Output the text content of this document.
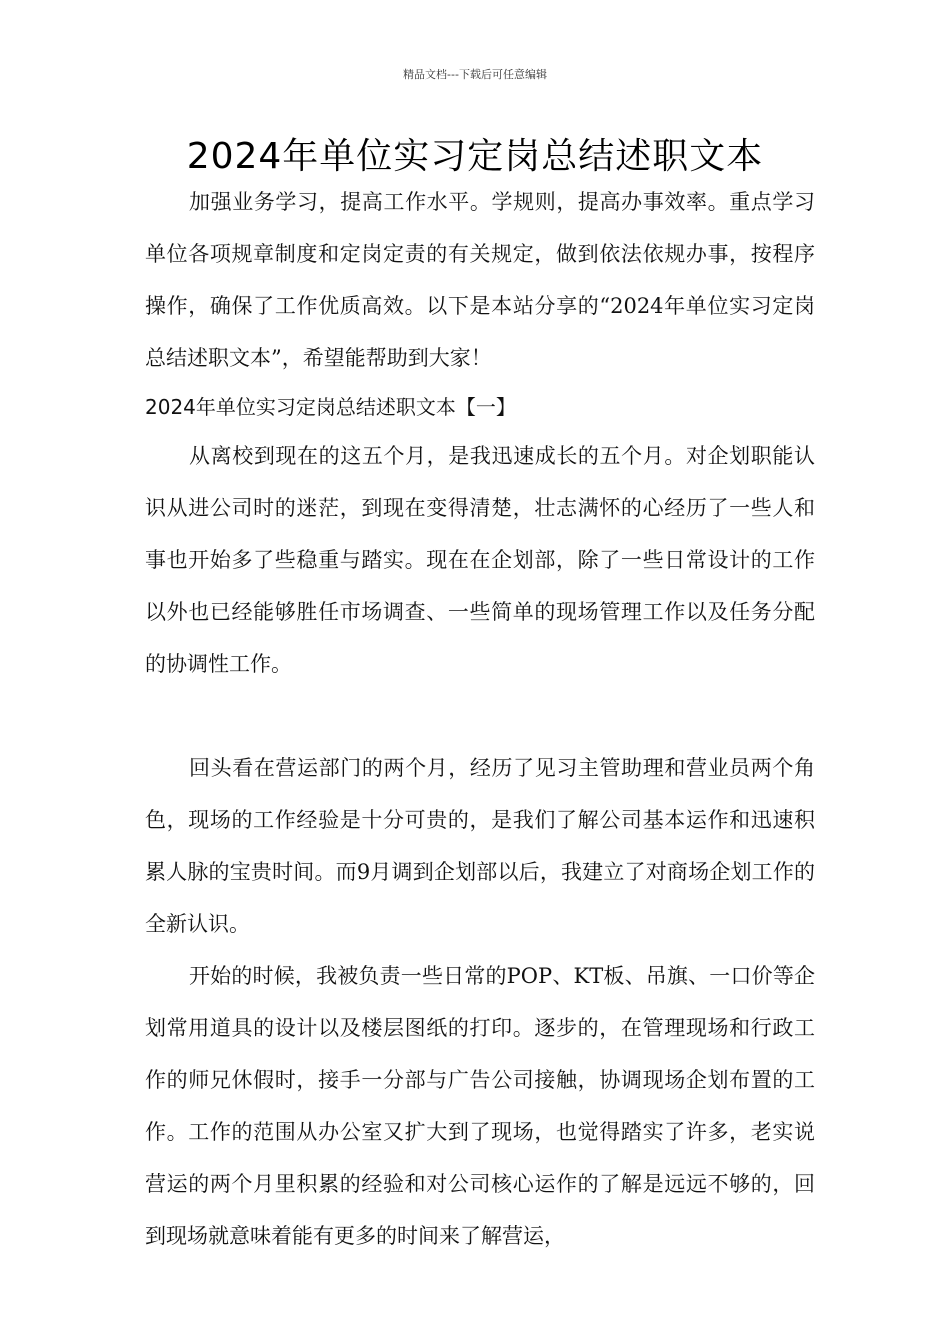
精品文档---下载后可任意编辑
2024年单位实习定岗总结述职文本

加强业务学习，提高工作水平。学规则，提高办事效率。重点学习单位各项规章制度和定岗定责的有关规定，做到依法依规办事，按程序操作，确保了工作优质高效。以下是本站分享的“2024年单位实习定岗总结述职文本”，希望能帮助到大家！

2024年单位实习定岗总结述职文本【一】

从离校到现在的这五个月，是我迅速成长的五个月。对企划职能认识从进公司时的迷茫，到现在变得清楚，壮志满怀的心经历了一些人和事也开始多了些稳重与踏实。现在在企划部，除了一些日常设计的工作以外也已经能够胜任市场调查、一些简单的现场管理工作以及任务分配的协调性工作。

回头看在营运部门的两个月，经历了见习主管助理和营业员两个角色，现场的工作经验是十分可贵的，是我们了解公司基本运作和迅速积累人脉的宝贵时间。而9月调到企划部以后，我建立了对商场企划工作的全新认识。

开始的时候，我被负责一些日常的POP、KT板、吊旗、一口价等企划常用道具的设计以及楼层图纸的打印。逐步的，在管理现场和行政工作的师兄休假时，接手一分部与广告公司接触，协调现场企划布置的工作。工作的范围从办公室又扩大到了现场，也觉得踏实了许多，老实说营运的两个月里积累的经验和对公司核心运作的了解是远远不够的，回到现场就意味着能有更多的时间来了解营运，
